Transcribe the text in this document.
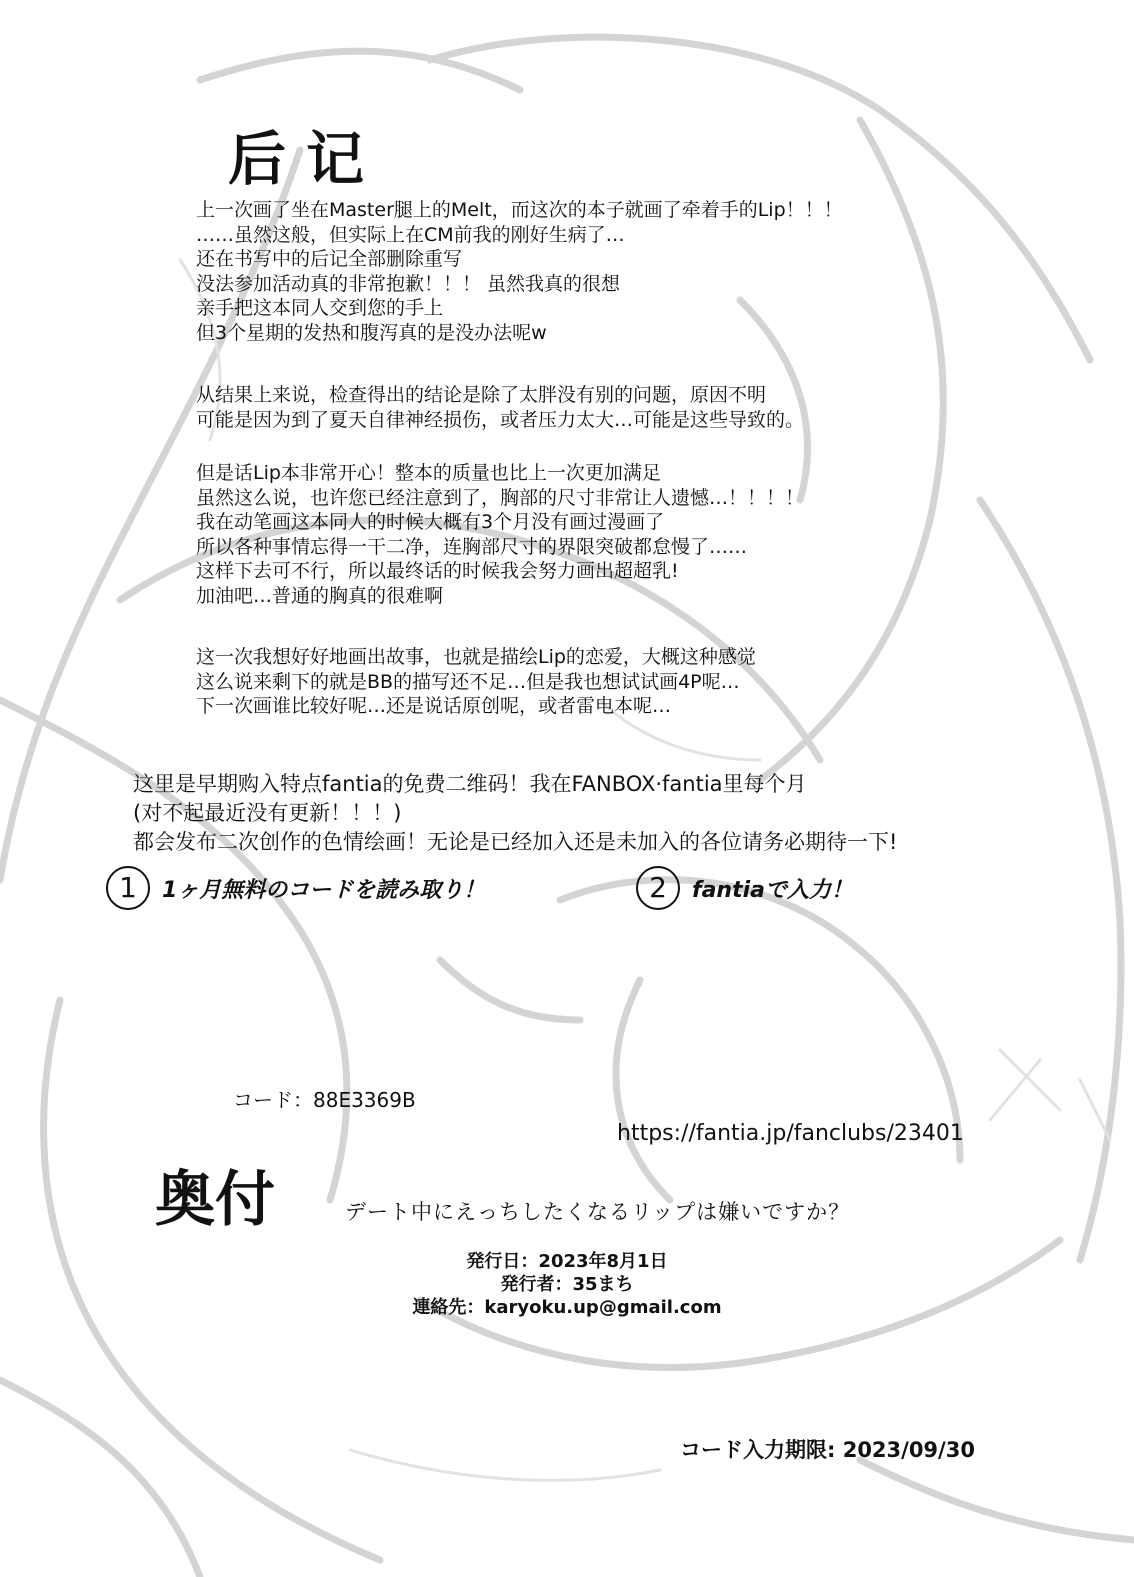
后记
上一次画了坐在Master腿上的Melt，而这次的本子就画了牵着手的Lip！！！
……虽然这般，但实际上在CM前我的刚好生病了…
还在书写中的后记全部删除重写
没法参加活动真的非常抱歉！！！ 虽然我真的很想
亲手把这本同人交到您的手上
但3个星期的发热和腹泻真的是没办法呢w
从结果上来说，检查得出的结论是除了太胖没有别的问题，原因不明
可能是因为到了夏天自律神经损伤，或者压力太大…可能是这些导致的。
但是话Lip本非常开心！整本的质量也比上一次更加满足
虽然这么说，也许您已经注意到了，胸部的尺寸非常让人遗憾…！！！！
我在动笔画这本同人的时候大概有3个月没有画过漫画了
所以各种事情忘得一干二净，连胸部尺寸的界限突破都怠慢了……
这样下去可不行，所以最终话的时候我会努力画出超超乳!
加油吧…普通的胸真的很难啊
这一次我想好好地画出故事，也就是描绘Lip的恋爱，大概这种感觉
这么说来剩下的就是BB的描写还不足…但是我也想试试画4P呢…
下一次画谁比较好呢…还是说话原创呢，或者雷电本呢…
这里是早期购入特点fantia的免费二维码！我在FANBOX·fantia里每个月
(对不起最近没有更新！！！)
都会发布二次创作的色情绘画！无论是已经加入还是未加入的各位请务必期待一下!
1	1ヶ月無料のコードを読み取り！	2	fantiaで入力！
コード：88E3369B
https://fantia.jp/fanclubs/23401
奥付	デート中にえっちしたくなるリップは嫌いですか？
発行日：2023年8月1日
発行者：35まち
連絡先：karyoku.up@gmail.com
コード入力期限: 2023/09/30
